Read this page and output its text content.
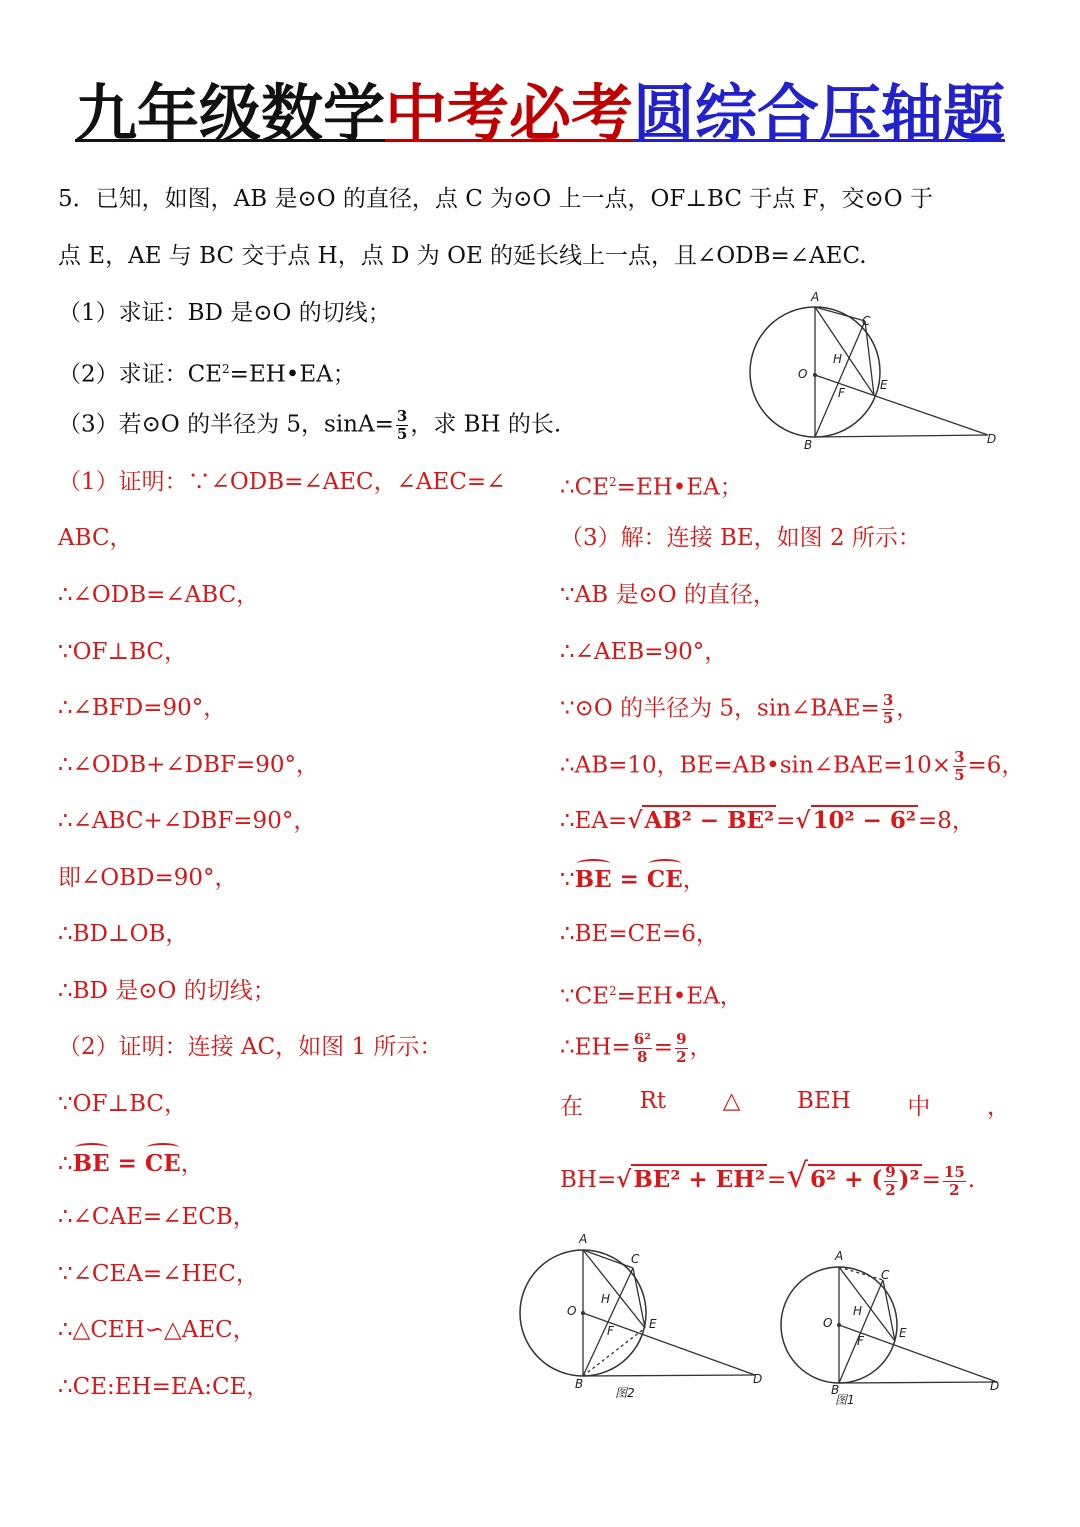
九年级数学中考必考圆综合压轴题
5．已知，如图，AB 是⊙O 的直径，点 C 为⊙O 上一点，OF⊥BC 于点 F，交⊙O 于
点 E，AE 与 BC 交于点 H，点 D 为 OE 的延长线上一点，且∠ODB=∠AEC.
（1）求证：BD 是⊙O 的切线；
（2）求证：$CE^2=EH•EA$；
（3）若⊙O 的半径为 5，$\sin A= \frac{3}{5}$ ，求 BH 的长.
A
C
H
O
E
F
B	D
（1）证明：∵∠ODB=∠AEC，∠AEC=∠
ABC，
∴∠ODB=∠ABC，
∵OF⊥BC，
∴∠BFD=90°，
∴∠ODB+∠DBF=90°，
∴∠ABC+∠DBF=90°，
即∠OBD=90°，
∴BD⊥OB，
∴BD 是⊙O 的切线；
（2）证明：连接 AC，如图 1 所示：
∵OF⊥BC，
∴BE = CE，
∴∠CAE=∠ECB，
∵∠CEA=∠HEC，
∴△CEH∽△AEC，
∴CE:EH=EA:CE，
$\therefore CE^2=EH•EA$；
（3）解：连接 BE，如图 2 所示：
∵AB 是⊙O 的直径，
∴∠AEB=90°，
∵⊙O 的半径为 5，sin∠BAE= $\frac{3}{5}$ ，
∴AB=10，BE=AB•sin∠BAE=10× $\frac{3}{5} =6$，
∴EA=√AB² − BE²=√10² − 6²=8，
∵BE = CE，
∴BE=CE=6，
$\because CE^2=EH•EA$，
∴EH= $\frac{\text{6²}}{8} = \frac{9}{2}$ ，
在 Rt △ BEH 中 ，
BH=√BE² + EH²=√6² + ( $\frac{9}{2} )^2= \frac{15}{2}$ .
A
C
H
O
E
F
B	D
图2
A
C
H
O
E
F
B	D
图1
